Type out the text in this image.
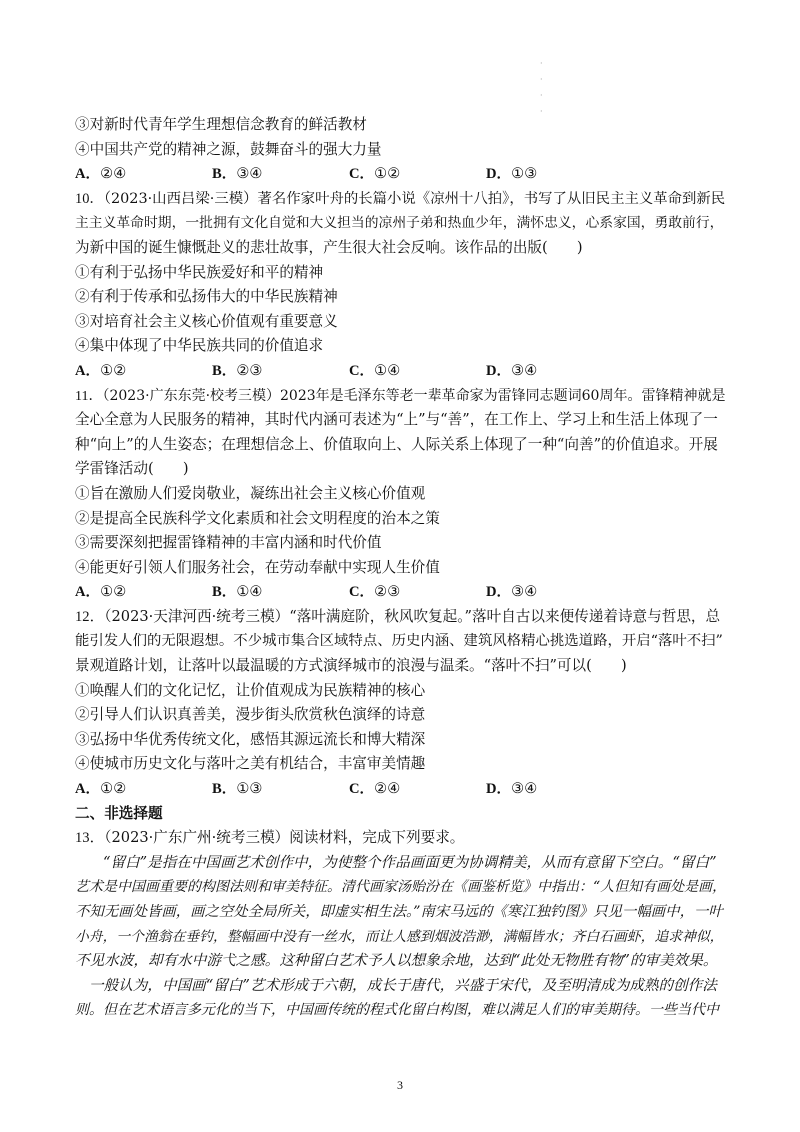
·
·
·
·
③对新时代青年学生理想信念教育的鲜活教材
④中国共产党的精神之源，鼓舞奋斗的强大力量
A．②④	B．③④	C．①②	D．①③
10．（2023·山西吕梁·三模）著名作家叶舟的长篇小说《凉州十八拍》，书写了从旧民主主义革命到新民
主主义革命时期，一批拥有文化自觉和大义担当的凉州子弟和热血少年，满怀忠义，心系家国，勇敢前行，
为新中国的诞生慷慨赴义的悲壮故事，产生很大社会反响。该作品的出版(　　)
①有利于弘扬中华民族爱好和平的精神
②有利于传承和弘扬伟大的中华民族精神
③对培育社会主义核心价值观有重要意义
④集中体现了中华民族共同的价值追求
A．①②	B．②③	C．①④	D．③④
11．（2023·广东东莞·校考三模）2023年是毛泽东等老一辈革命家为雷锋同志题词60周年。雷锋精神就是
全心全意为人民服务的精神，其时代内涵可表述为“上”与“善”，在工作上、学习上和生活上体现了一
种“向上”的人生姿态；在理想信念上、价值取向上、人际关系上体现了一种“向善”的价值追求。开展
学雷锋活动(　　)
①旨在激励人们爱岗敬业，凝练出社会主义核心价值观
②是提高全民族科学文化素质和社会文明程度的治本之策
③需要深刻把握雷锋精神的丰富内涵和时代价值
④能更好引领人们服务社会，在劳动奉献中实现人生价值
A．①②	B．①④	C．②③	D．③④
12．（2023·天津河西·统考三模）“落叶满庭阶，秋风吹复起。”落叶自古以来便传递着诗意与哲思，总
能引发人们的无限遐想。不少城市集合区域特点、历史内涵、建筑风格精心挑选道路，开启“落叶不扫”
景观道路计划，让落叶以最温暖的方式演绎城市的浪漫与温柔。“落叶不扫”可以(　　)
①唤醒人们的文化记忆，让价值观成为民族精神的核心
②引导人们认识真善美，漫步街头欣赏秋色演绎的诗意
③弘扬中华优秀传统文化，感悟其源远流长和博大精深
④使城市历史文化与落叶之美有机结合，丰富审美情趣
A．①②	B．①③	C．②④	D．③④
二、非选择题
13．（2023·广东广州·统考三模）阅读材料，完成下列要求。
“留白”是指在中国画艺术创作中，为使整个作品画面更为协调精美，从而有意留下空白。“留白”
艺术是中国画重要的构图法则和审美特征。清代画家汤贻汾在《画鉴析览》中指出：“人但知有画处是画，
不知无画处皆画，画之空处全局所关，即虚实相生法。”南宋马远的《寒江独钓图》只见一幅画中，一叶
小舟，一个渔翁在垂钓，整幅画中没有一丝水，而让人感到烟波浩渺，满幅皆水；齐白石画虾，追求神似，
不见水波，却有水中游弋之感。这种留白艺术予人以想象余地，达到“此处无物胜有物”的审美效果。
一般认为，中国画“留白”艺术形成于六朝，成长于唐代，兴盛于宋代，及至明清成为成熟的创作法
则。但在艺术语言多元化的当下，中国画传统的程式化留白构图，难以满足人们的审美期待。一些当代中
3
